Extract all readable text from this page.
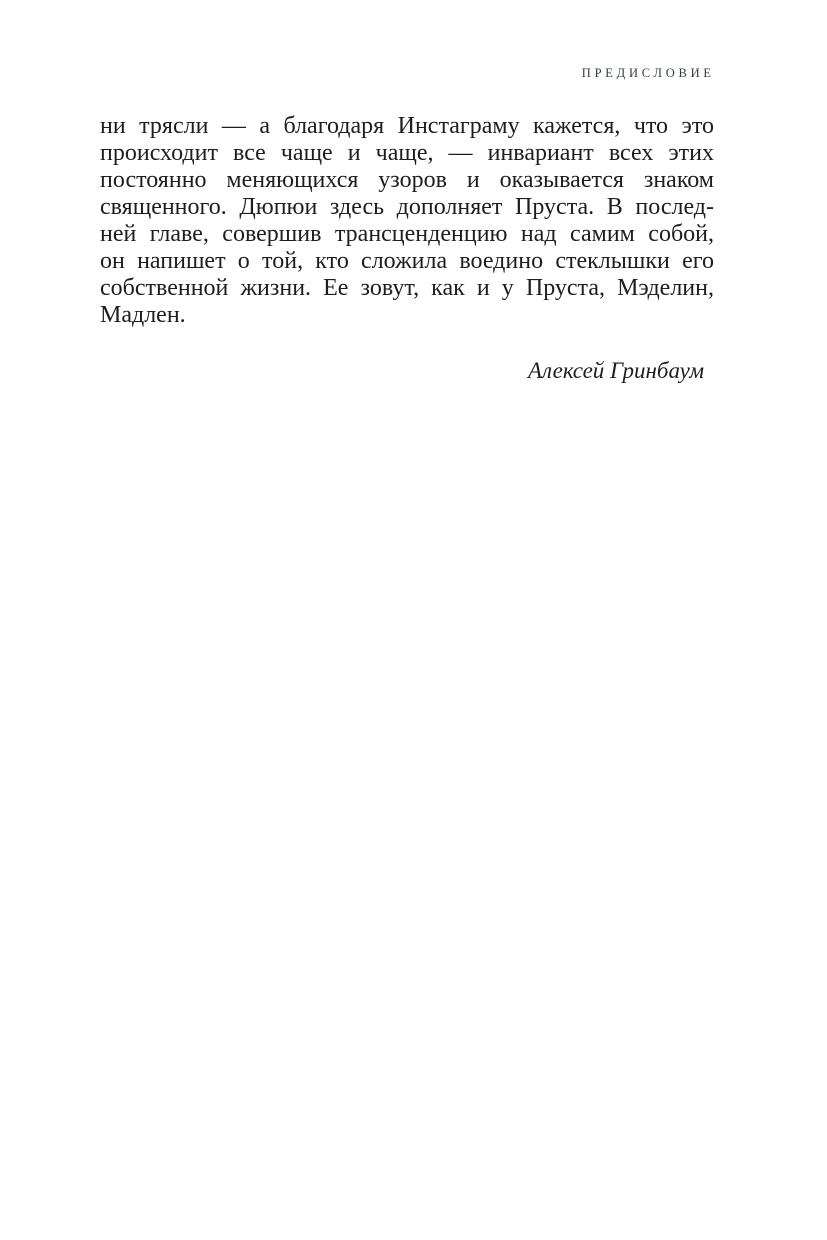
ПРЕДИСЛОВИЕ
ни трясли — а благодаря Инстаграму кажется, что это
происходит все чаще и чаще, — инвариант всех этих
постоянно меняющихся узоров и оказывается знаком
священного. Дюпюи здесь дополняет Пруста. В послед-
ней главе, совершив трансценденцию над самим собой,
он напишет о той, кто сложила воедино стеклышки его
собственной жизни. Ее зовут, как и у Пруста, Мэделин,
Мадлен.
Алексей Гринбаум
